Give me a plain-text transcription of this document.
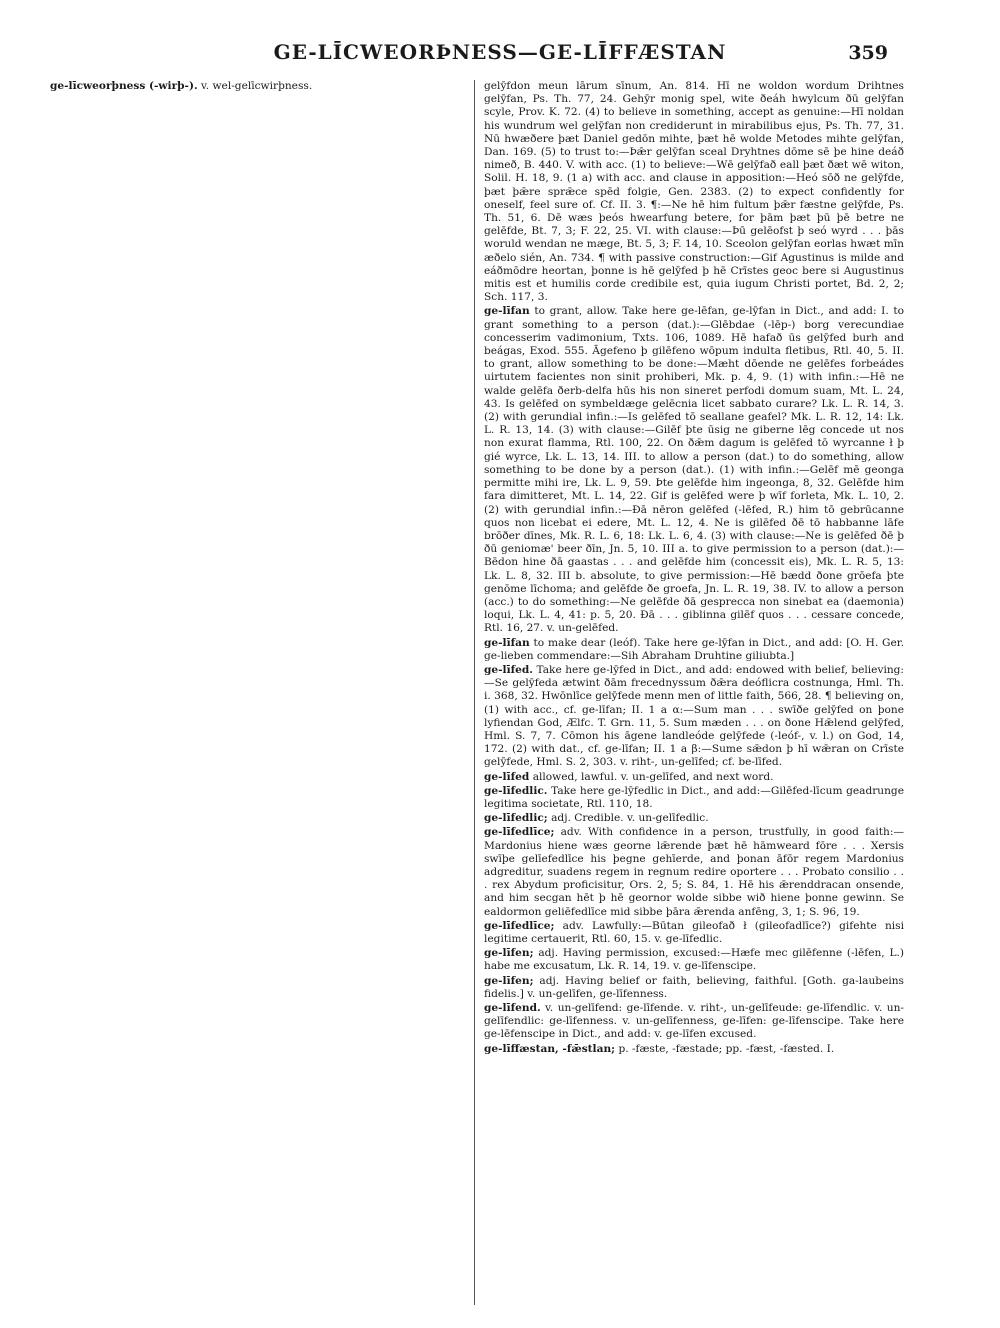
GE-LĪCWEORÞNESS—GE-LĪFFÆSTAN	359

ge-līcweorþness (-wirþ-). v. wel-gelīcwirþness.	gelȳfdon meun lārum sīnum, An. 814. Hī ne woldon wordum Drihtnes gelȳfan, Ps. Th. 77, 24. Gehȳr monig spel, wite ðeáh hwylcum ðū gelȳfan scyle, Prov. K. 72. (4) to believe in something, accept as genuine:—Hī noldan his wundrum wel gelȳfan non crediderunt in mirabilibus ejus, Ps. Th. 77, 31. Nū hwæðere þæt Daniel gedōn mihte, þæt hē wolde Metodes mihte gelȳfan, Dan. 169. (5) to trust to:—Þǣr gelȳfan sceal Dryhtnes dōme sē þe hine deáð nimeð, B. 440. V. with acc. (1) to believe:—Wē gelȳfað eall þæt ðæt wē witon, Solil. H. 18, 9. (1 a) with acc. and clause in apposition:—Heó sōð ne gelȳfde, þæt þǣre sprǣce spēd folgie, Gen. 2383. (2) to expect confidently for oneself, feel sure of. Cf. II. 3. ¶:—Ne hē him fultum þǣr fæstne gelȳfde, Ps. Th. 51, 6. Dē wæs þeós hwearfung betere, for þām þæt þū þē betre ne gelēfde, Bt. 7, 3; F. 22, 25. VI. with clause:—Þū gelēofst þ seó wyrd . . . þās woruld wendan ne mæge, Bt. 5, 3; F. 14, 10. Sceolon gelȳfan eorlas hwæt mīn æðelo sién, An. 734. ¶ with passive construction:—Gif Agustinus is milde and eáðmōdre heortan, þonne is hē gelȳfed þ hē Crīstes geoc bere si Augustinus mitis est et humilis corde credibile est, quia iugum Christi portet, Bd. 2, 2; Sch. 117, 3.

ge-līfan to grant, allow. Take here ge-lēfan, ge-lȳfan in Dict., and add: I. to grant something to a person (dat.):—Glēbdae (-lēp-) borg verecundiae concesserim vadimonium, Txts. 106, 1089. Hē hafað ūs gelȳfed burh and beágas, Exod. 555. Āgefeno þ gilēfeno wōpum indulta fletibus, Rtl. 40, 5. II. to grant, allow something to be done:—Mæht dōende ne gelēfes forbeádes uirtutem facientes non sinit prohiberi, Mk. p. 4, 9. (1) with infin.:—Hē ne walde gelēfa ðerb-delfa hūs his non sineret perfodi domum suam, Mt. L. 24, 43. Is gelēfed on symbeldæge gelēcnia licet sabbato curare? Lk. L. R. 14, 3. (2) with gerundial infin.:—Is gelēfed tō seallane geafel? Mk. L. R. 12, 14: Lk. L. R. 13, 14. (3) with clause:—Gilēf þte ūsig ne giberne lēg concede ut nos non exurat flamma, Rtl. 100, 22. On ðǣm dagum is gelēfed tō wyrcanne ł þ gié wyrce, Lk. L. 13, 14. III. to allow a person (dat.) to do something, allow something to be done by a person (dat.). (1) with infin.:—Gelēf mē geonga permitte mihi ire, Lk. L. 9, 59. Þte gelēfde him ingeonga, 8, 32. Gelēfde him fara dimitteret, Mt. L. 14, 22. Gif is gelēfed were þ wīf forleta, Mk. L. 10, 2. (2) with gerundial infin.:—Đā nēron gelēfed (-lēfed, R.) him tō gebrūcanne quos non licebat ei edere, Mt. L. 12, 4. Ne is gilēfed ðē tō habbanne lāfe brōðer dīnes, Mk. R. L. 6, 18: Lk. L. 6, 4. (3) with clause:—Ne is gelēfed ðē þ ðū geniomæ' beer ðīn, Jn. 5, 10. III a. to give permission to a person (dat.):—Bēdon hine ðā gaastas . . . and gelēfde him (concessit eis), Mk. L. R. 5, 13: Lk. L. 8, 32. III b. absolute, to give permission:—Hē bædd ðone grōefa þte genōme līchoma; and gelēfde ðe groefa, Jn. L. R. 19, 38. IV. to allow a person (acc.) to do something:—Ne gelēfde ðā gesprecca non sinebat ea (daemonia) loqui, Lk. L. 4, 41: p. 5, 20. Đā . . . giblinna gilēf quos . . . cessare concede, Rtl. 16, 27. v. un-gelēfed.

ge-līfan to make dear (leóf). Take here ge-lȳfan in Dict., and add: [O. H. Ger. ge-lieben commendare:—Sih Abraham Druhtine giliubta.]

ge-līfed. Take here ge-lȳfed in Dict., and add: endowed with belief, believing:—Se gelȳfeda ætwint ðām frecednyssum ðǣra deóflicra costnunga, Hml. Th. i. 368, 32. Hwōnlīce gelȳfede menn men of little faith, 566, 28. ¶ believing on, (1) with acc., cf. ge-līfan; II. 1 a α:—Sum man . . . swīðe gelȳfed on þone lyfiendan God, Ælfc. T. Grn. 11, 5. Sum mæden . . . on ðone Hǣlend gelȳfed, Hml. S. 7, 7. Cōmon his āgene landleóde gelȳfede (-leóf-, v. l.) on God, 14, 172. (2) with dat., cf. ge-līfan; II. 1 a β:—Sume sǣdon þ hī wǣran on Crīste gelȳfede, Hml. S. 2, 303. v. riht-, un-gelīfed; cf. be-līfed.

ge-līfed allowed, lawful. v. un-gelīfed, and next word.

ge-līfedlic. Take here ge-lȳfedlic in Dict., and add:—Gilēfed-līcum geadrunge legitima societate, Rtl. 110, 18.

ge-līfedlic; adj. Credible. v. un-gelīfedlic.

ge-līfedlīce; adv. With confidence in a person, trustfully, in good faith:—Mardonius hiene wæs georne lǣrende þæt hē hāmweard fōre . . . Xersis swīþe gelīefedlīce his þegne gehīerde, and þonan āfōr regem Mardonius adgreditur, suadens regem in regnum redire oportere . . . Probato consilio . . . rex Abydum proficisitur, Ors. 2, 5; S. 84, 1. Hē his ǣrenddracan onsende, and him secgan hēt þ hē geornor wolde sibbe wið hiene þonne gewinn. Se ealdormon geliēfedlīce mid sibbe þāra ǣrenda anfēng, 3, 1; S. 96, 19.

ge-līfedlīce; adv. Lawfully:—Būtan gileofað ł (gileofadlīce?) gifehte nisi legitime certauerit, Rtl. 60, 15. v. ge-līfedlic.

ge-līfen; adj. Having permission, excused:—Hæfe mec gilēfenne (-lēfen, L.) habe me excusatum, Lk. R. 14, 19. v. ge-līfenscipe.

ge-līfen; adj. Having belief or faith, believing, faithful. [Goth. ga-laubeins fidelis.] v. un-gelīfen, ge-līfenness.

ge-līfend. v. un-gelīfend: ge-līfende. v. riht-, un-gelīfeude: ge-līfendlic. v. un-gelīfendlic: ge-līfenness. v. un-gelīfenness, ge-līfen: ge-līfenscipe. Take here ge-lēfenscipe in Dict., and add: v. ge-līfen excused.

ge-līffæstan, -fǣstlan; p. -fæste, -fæstade; pp. -fæst, -fæsted. I.
